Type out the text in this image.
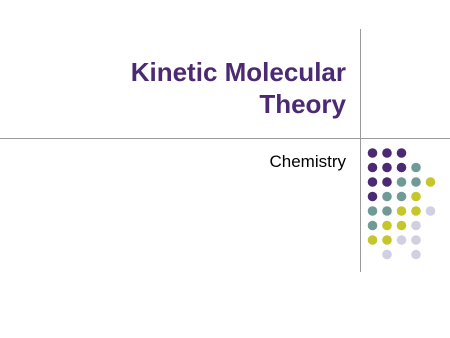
Kinetic Molecular Theory
Chemistry
